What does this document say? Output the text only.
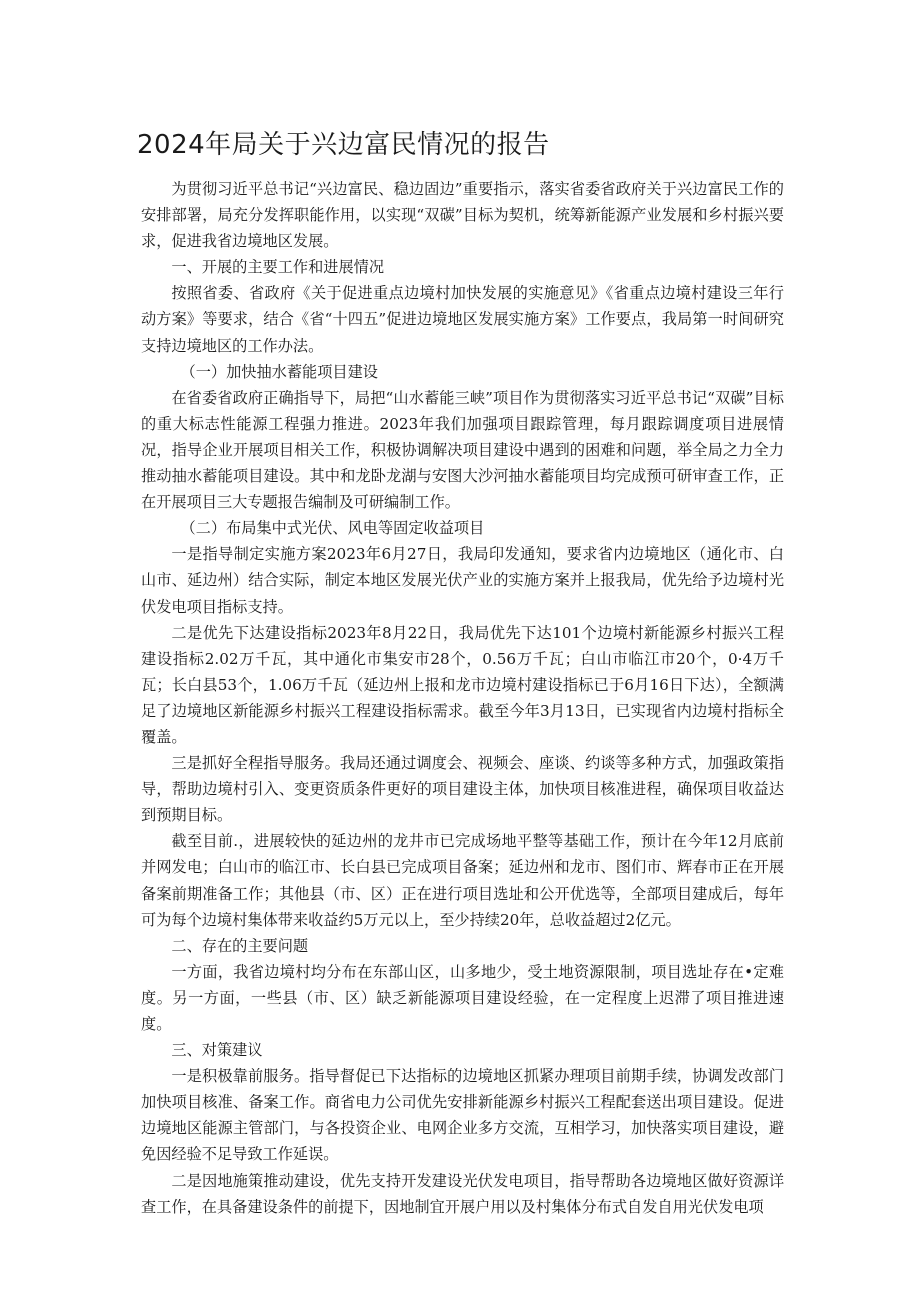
2024年局关于兴边富民情况的报告

为贯彻习近平总书记“兴边富民、稳边固边”重要指示，落实省委省政府关于兴边富民工作的安排部署，局充分发挥职能作用，以实现“双碳”目标为契机，统筹新能源产业发展和乡村振兴要求，促进我省边境地区发展。

一、开展的主要工作和进展情况

按照省委、省政府《关于促进重点边境村加快发展的实施意见》《省重点边境村建设三年行动方案》等要求，结合《省“十四五”促进边境地区发展实施方案》工作要点，我局第一时间研究支持边境地区的工作办法。

（一）加快抽水蓄能项目建设

在省委省政府正确指导下，局把“山水蓄能三峡”项目作为贯彻落实习近平总书记“双碳”目标的重大标志性能源工程强力推进。2023年我们加强项目跟踪管理，每月跟踪调度项目进展情况，指导企业开展项目相关工作，积极协调解决项目建设中遇到的困难和问题，举全局之力全力推动抽水蓄能项目建设。其中和龙卧龙湖与安图大沙河抽水蓄能项目均完成预可研审查工作，正在开展项目三大专题报告编制及可研编制工作。

（二）布局集中式光伏、风电等固定收益项目

一是指导制定实施方案2023年6月27日，我局印发通知，要求省内边境地区（通化市、白山市、延边州）结合实际，制定本地区发展光伏产业的实施方案并上报我局，优先给予边境村光伏发电项目指标支持。

二是优先下达建设指标2023年8月22日，我局优先下达101个边境村新能源乡村振兴工程建设指标2.02万千瓦，其中通化市集安市28个，0.56万千瓦；白山市临江市20个，0·4万千瓦；长白县53个，1.06万千瓦（延边州上报和龙市边境村建设指标已于6月16日下达），全额满足了边境地区新能源乡村振兴工程建设指标需求。截至今年3月13日，已实现省内边境村指标全覆盖。

三是抓好全程指导服务。我局还通过调度会、视频会、座谈、约谈等多种方式，加强政策指导，帮助边境村引入、变更资质条件更好的项目建设主体，加快项目核准进程，确保项目收益达到预期目标。

截至目前.，进展较快的延边州的龙井市已完成场地平整等基础工作，预计在今年12月底前并网发电；白山市的临江市、长白县已完成项目备案；延边州和龙市、图们市、辉春市正在开展备案前期准备工作；其他县（市、区）正在进行项目选址和公开优选等，全部项目建成后，每年可为每个边境村集体带来收益约5万元以上，至少持续20年，总收益超过2亿元。

二、存在的主要问题

一方面，我省边境村均分布在东部山区，山多地少，受土地资源限制，项目选址存在•定难度。另一方面，一些县（市、区）缺乏新能源项目建设经验，在一定程度上迟滞了项目推进速度。

三、对策建议

一是积极靠前服务。指导督促已下达指标的边境地区抓紧办理项目前期手续，协调发改部门加快项目核准、备案工作。商省电力公司优先安排新能源乡村振兴工程配套送出项目建设。促进边境地区能源主管部门，与各投资企业、电网企业多方交流，互相学习，加快落实项目建设，避免因经验不足导致工作延误。

二是因地施策推动建设，优先支持开发建设光伏发电项目，指导帮助各边境地区做好资源详查工作，在具备建设条件的前提下，因地制宜开展户用以及村集体分布式自发自用光伏发电项
